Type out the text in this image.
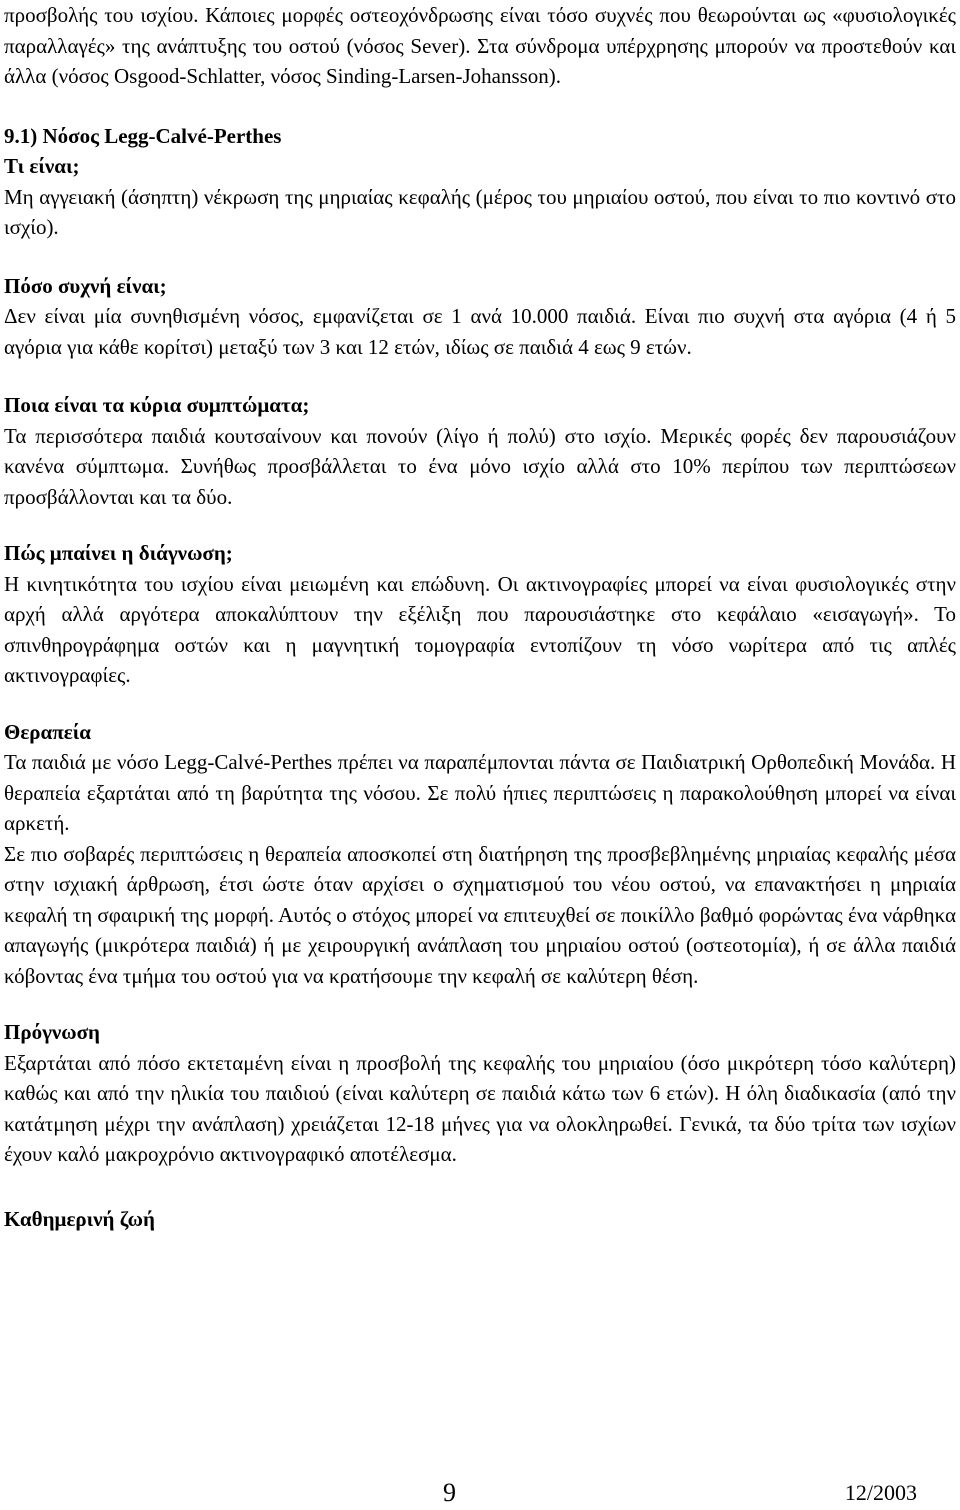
προσβολής του ισχίου. Κάποιες μορφές οστεοχόνδρωσης είναι τόσο συχνές που θεωρούνται ως «φυσιολογικές παραλλαγές» της ανάπτυξης του οστού (νόσος Sever). Στα σύνδρομα υπέρχρησης μπορούν να προστεθούν και άλλα (νόσος Osgood-Schlatter, νόσος Sinding-Larsen-Johansson).

9.1) Νόσος Legg-Calvé-Perthes
Τι είναι;

Μη αγγειακή (άσηπτη) νέκρωση της μηριαίας κεφαλής (μέρος του μηριαίου οστού, που είναι το πιο κοντινό στο ισχίο).

Πόσο συχνή είναι;

Δεν είναι μία συνηθισμένη νόσος, εμφανίζεται σε 1 ανά 10.000 παιδιά. Είναι πιο συχνή στα αγόρια (4 ή 5 αγόρια για κάθε κορίτσι) μεταξύ των 3 και 12 ετών, ιδίως σε παιδιά 4 εως 9 ετών.

Ποια είναι τα κύρια συμπτώματα;

Τα περισσότερα παιδιά κουτσαίνουν και πονούν (λίγο ή πολύ) στο ισχίο. Μερικές φορές δεν παρουσιάζουν κανένα σύμπτωμα. Συνήθως προσβάλλεται το ένα μόνο ισχίο αλλά στο 10% περίπου των περιπτώσεων προσβάλλονται και τα δύο.

Πώς μπαίνει η διάγνωση;

Η κινητικότητα του ισχίου είναι μειωμένη και επώδυνη. Οι ακτινογραφίες μπορεί να είναι φυσιολογικές στην αρχή αλλά αργότερα αποκαλύπτουν την εξέλιξη που παρουσιάστηκε στο κεφάλαιο «εισαγωγή». Το σπινθηρογράφημα οστών και η μαγνητική τομογραφία εντοπίζουν τη νόσο νωρίτερα από τις απλές ακτινογραφίες.

Θεραπεία

Τα παιδιά με νόσο Legg-Calvé-Perthes πρέπει να παραπέμπονται πάντα σε Παιδιατρική Ορθοπεδική Μονάδα. Η θεραπεία εξαρτάται από τη βαρύτητα της νόσου. Σε πολύ ήπιες περιπτώσεις η παρακολούθηση μπορεί να είναι αρκετή.

Σε πιο σοβαρές περιπτώσεις η θεραπεία αποσκοπεί στη διατήρηση της προσβεβλημένης μηριαίας κεφαλής μέσα στην ισχιακή άρθρωση, έτσι ώστε όταν αρχίσει ο σχηματισμού του νέου οστού, να επανακτήσει η μηριαία κεφαλή τη σφαιρική της μορφή. Αυτός ο στόχος μπορεί να επιτευχθεί σε ποικίλλο βαθμό φορώντας ένα νάρθηκα απαγωγής (μικρότερα παιδιά) ή με χειρουργική ανάπλαση του μηριαίου οστού (οστεοτομία), ή σε άλλα παιδιά κόβοντας ένα τμήμα του οστού για να κρατήσουμε την κεφαλή σε καλύτερη θέση.

Πρόγνωση

Εξαρτάται από πόσο εκτεταμένη είναι η προσβολή της κεφαλής του μηριαίου (όσο μικρότερη τόσο καλύτερη) καθώς και από την ηλικία του παιδιού (είναι καλύτερη σε παιδιά κάτω των 6 ετών). Η όλη διαδικασία (από την κατάτμηση μέχρι την ανάπλαση) χρειάζεται 12-18 μήνες για να ολοκληρωθεί. Γενικά, τα δύο τρίτα των ισχίων έχουν καλό μακροχρόνιο ακτινογραφικό αποτέλεσμα.

Καθημερινή ζωή
9	12/2003
